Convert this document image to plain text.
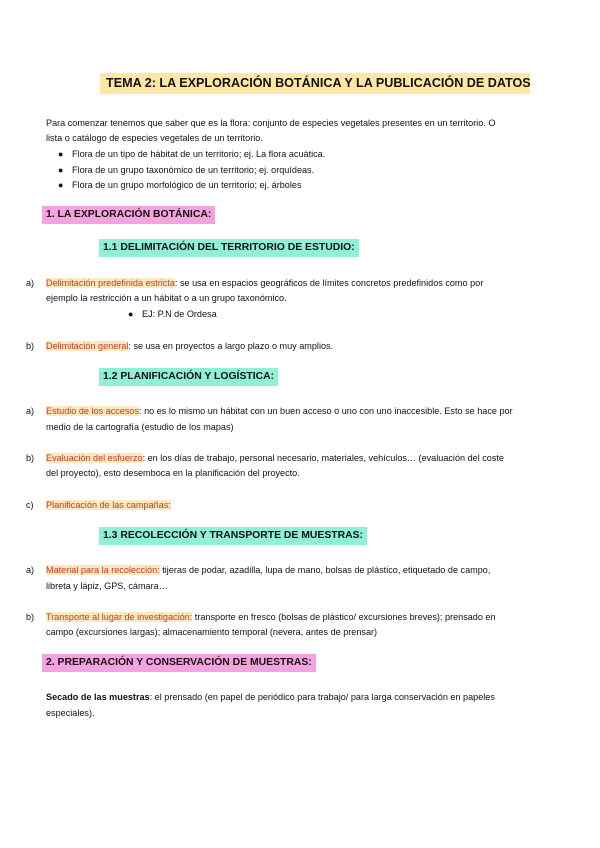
TEMA 2: LA EXPLORACIÓN BOTÁNICA Y LA PUBLICACIÓN DE DATOS
Para comenzar tenemos que saber que es la flora: conjunto de especies vegetales presentes en un territorio. O
lista o catálogo de especies vegetales de un territorio.
● Flora de un tipo de hábitat de un territorio; ej. La flora acuática.
● Flora de un grupo taxonómico de un territorio; ej. orquídeas.
● Flora de un grupo morfológico de un territorio; ej. árboles
1. LA EXPLORACIÓN BOTÁNICA:
1.1 DELIMITACIÓN DEL TERRITORIO DE ESTUDIO:
a) Delimitación predefinida estricta: se usa en espacios geográficos de límites concretos predefinidos como por
ejemplo la restricción a un hábitat o a un grupo taxonómico.
● EJ: P.N de Ordesa
b) Delimitación general: se usa en proyectos a largo plazo o muy amplios.
1.2 PLANIFICACIÓN Y LOGÍSTICA:
a) Estudio de los accesos: no es lo mismo un hábitat con un buen acceso o uno con uno inaccesible. Esto se hace por
medio de la cartografía (estudio de los mapas)
b) Evaluación del esfuerzo: en los días de trabajo, personal necesario, materiales, vehículos… (evaluación del coste
del proyecto), esto desemboca en la planificación del proyecto.
c) Planificación de las campañas:
1.3 RECOLECCIÓN Y TRANSPORTE DE MUESTRAS:
a) Material para la recolección: tijeras de podar, azadilla, lupa de mano, bolsas de plástico, etiquetado de campo,
libreta y lápiz, GPS, cámara…
b) Transporte al lugar de investigación: transporte en fresco (bolsas de plástico/ excursiones breves); prensado en
campo (excursiones largas); almacenamiento temporal (nevera, antes de prensar)
2. PREPARACIÓN Y CONSERVACIÓN DE MUESTRAS:
Secado de las muestras: el prensado (en papel de periódico para trabajo/ para larga conservación en papeles
especiales).
